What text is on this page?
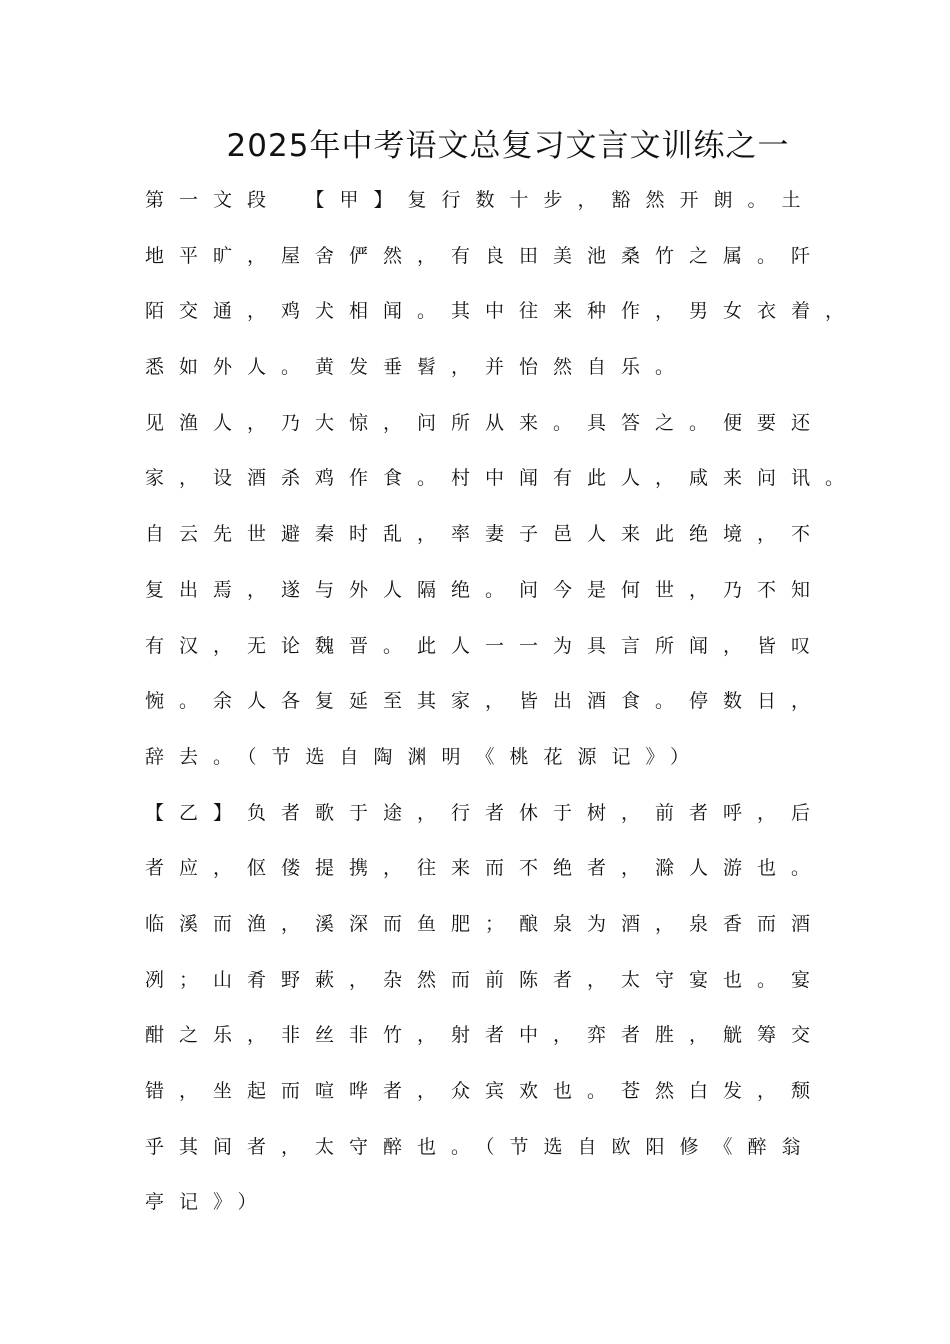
2025年中考语文总复习文言文训练之一
第一文段　【甲】复行数十步，豁然开朗。土
地平旷，屋舍俨然，有良田美池桑竹之属。阡
陌交通，鸡犬相闻。其中往来种作，男女衣着，
悉如外人。黄发垂髫，并怡然自乐。
见渔人，乃大惊，问所从来。具答之。便要还
家，设酒杀鸡作食。村中闻有此人，咸来问讯。
自云先世避秦时乱，率妻子邑人来此绝境，不
复出焉，遂与外人隔绝。问今是何世，乃不知
有汉，无论魏晋。此人一一为具言所闻，皆叹
惋。余人各复延至其家，皆出酒食。停数日，
辞去。（节选自陶渊明《桃花源记》）
【乙】负者歌于途，行者休于树，前者呼，后
者应，伛偻提携，往来而不绝者，滁人游也。
临溪而渔，溪深而鱼肥；酿泉为酒，泉香而酒
冽；山肴野蔌，杂然而前陈者，太守宴也。宴
酣之乐，非丝非竹，射者中，弈者胜，觥筹交
错，坐起而喧哗者，众宾欢也。苍然白发，颓
乎其间者，太守醉也。（节选自欧阳修《醉翁
亭记》）
